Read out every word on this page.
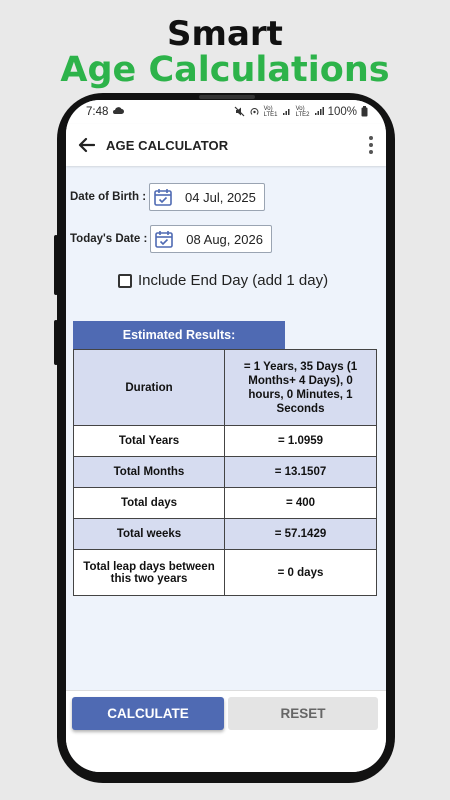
Smart
Age Calculations
7:48	Vo) LTE1
Vo) LTE2 100%
AGE CALCULATOR
Date of Birth :	04 Jul, 2025
Today's Date :	08 Aug, 2026
Include End Day (add 1 day)
Estimated Results:
Duration	= 1 Years, 35 Days (1 Months+ 4 Days), 0 hours, 0 Minutes, 1 Seconds
Total Years	= 1.0959
Total Months	= 13.1507
Total days	= 400
Total weeks	= 57.1429
Total leap days between this two years	= 0 days
CALCULATE	RESET
